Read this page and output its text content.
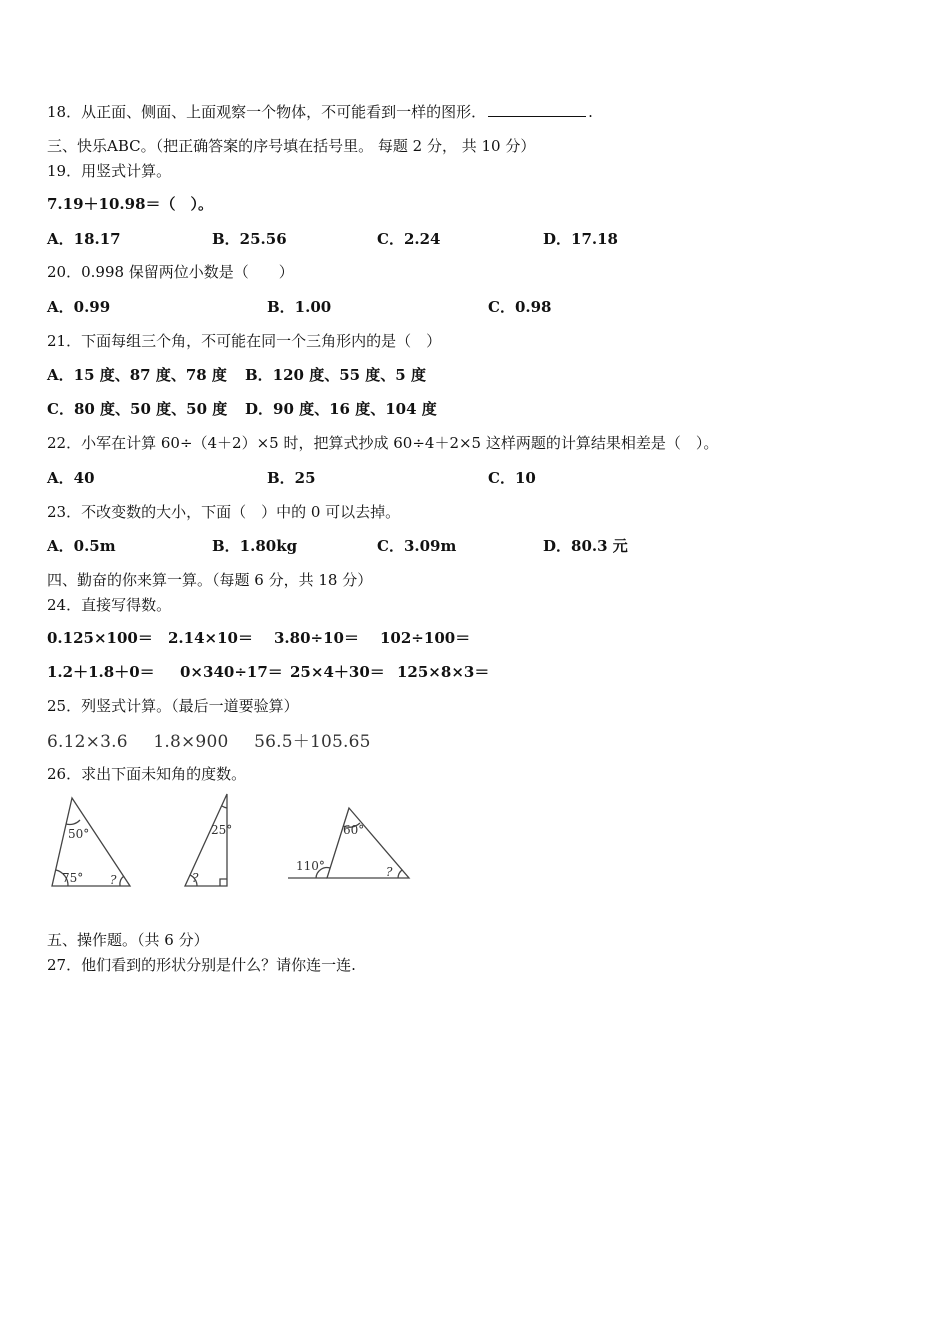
18．从正面、侧面、上面观察一个物体，不可能看到一样的图形．	.
三、快乐ABC。（把正确答案的序号填在括号里。 每题 2 分， 共 10 分）
19．用竖式计算。
7.19＋10.98＝（　）。
A．18.17	B．25.56	C．2.24	D．17.18
20．0.998 保留两位小数是（　　）
A．0.99	B．1.00	C．0.98
21．下面每组三个角，不可能在同一个三角形内的是（　）
A．15 度、87 度、78 度 B．120 度、55 度、5 度
C．80 度、50 度、50 度 D．90 度、16 度、104 度
22．小军在计算 60÷（4＋2）×5 时，把算式抄成 60÷4＋2×5 这样两题的计算结果相差是（　）。
A．40	B．25	C．10
23．不改变数的大小，下面（　）中的 0 可以去掉。
A．0.5m	B．1.80kg	C．3.09m	D．80.3 元
四、勤奋的你来算一算。（每题 6 分，共 18 分）
24．直接写得数。
0.125×100＝ 2.14×10＝ 3.80÷10＝ 102÷100＝
1.2＋1.8＋0＝ 0×340÷17＝ 25×4＋30＝ 125×8×3＝
25．列竖式计算。（最后一道要验算）
6.12×3.6 1.8×900 56.5＋105.65
26．求出下面未知角的度数。
50°
75° ?
25°
?
60°
110°	?
五、操作题。（共 6 分）
27．他们看到的形状分别是什么？请你连一连.
